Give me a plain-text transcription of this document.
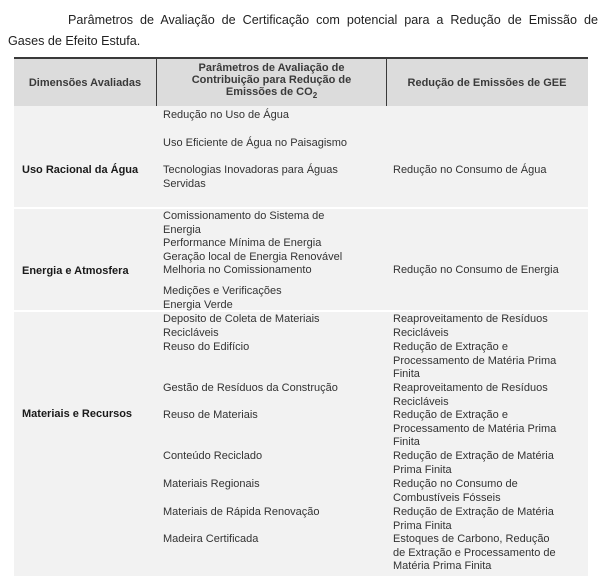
Parâmetros de Avaliação de Certificação com potencial para a Redução de Emissão de
Gases de Efeito Estufa.
Dimensões Avaliadas
Parâmetros de Avaliação de
Contribuição para Redução de
Emissões de $CO_2$
Redução de Emissões de GEE
Uso Racional da Água
Redução no Uso de Água
Uso Eficiente de Água no Paisagismo
Tecnologias Inovadoras para Águas
Servidas
Redução no Consumo de Água
Energia e Atmosfera
Comissionamento do Sistema de
Energia
Performance Mínima de Energia
Geração local de Energia Renovável
Melhoria no Comissionamento
Medições e Verificações
Energia Verde
Redução no Consumo de Energia
Materiais e Recursos
Deposito de Coleta de Materiais
Recicláveis
Reuso do Edifício
Gestão de Resíduos da Construção
Reuso de Materiais
Conteúdo Reciclado
Materiais Regionais
Materiais de Rápida Renovação
Madeira Certificada
Reaproveitamento de Resíduos
Recicláveis
Redução de Extração e
Processamento de Matéria Prima
Finita
Reaproveitamento de Resíduos
Recicláveis
Redução de Extração e
Processamento de Matéria Prima
Finita
Redução de Extração de Matéria
Prima Finita
Redução no Consumo de
Combustíveis Fósseis
Redução de Extração de Matéria
Prima Finita
Estoques de Carbono, Redução
de Extração e Processamento de
Matéria Prima Finita
